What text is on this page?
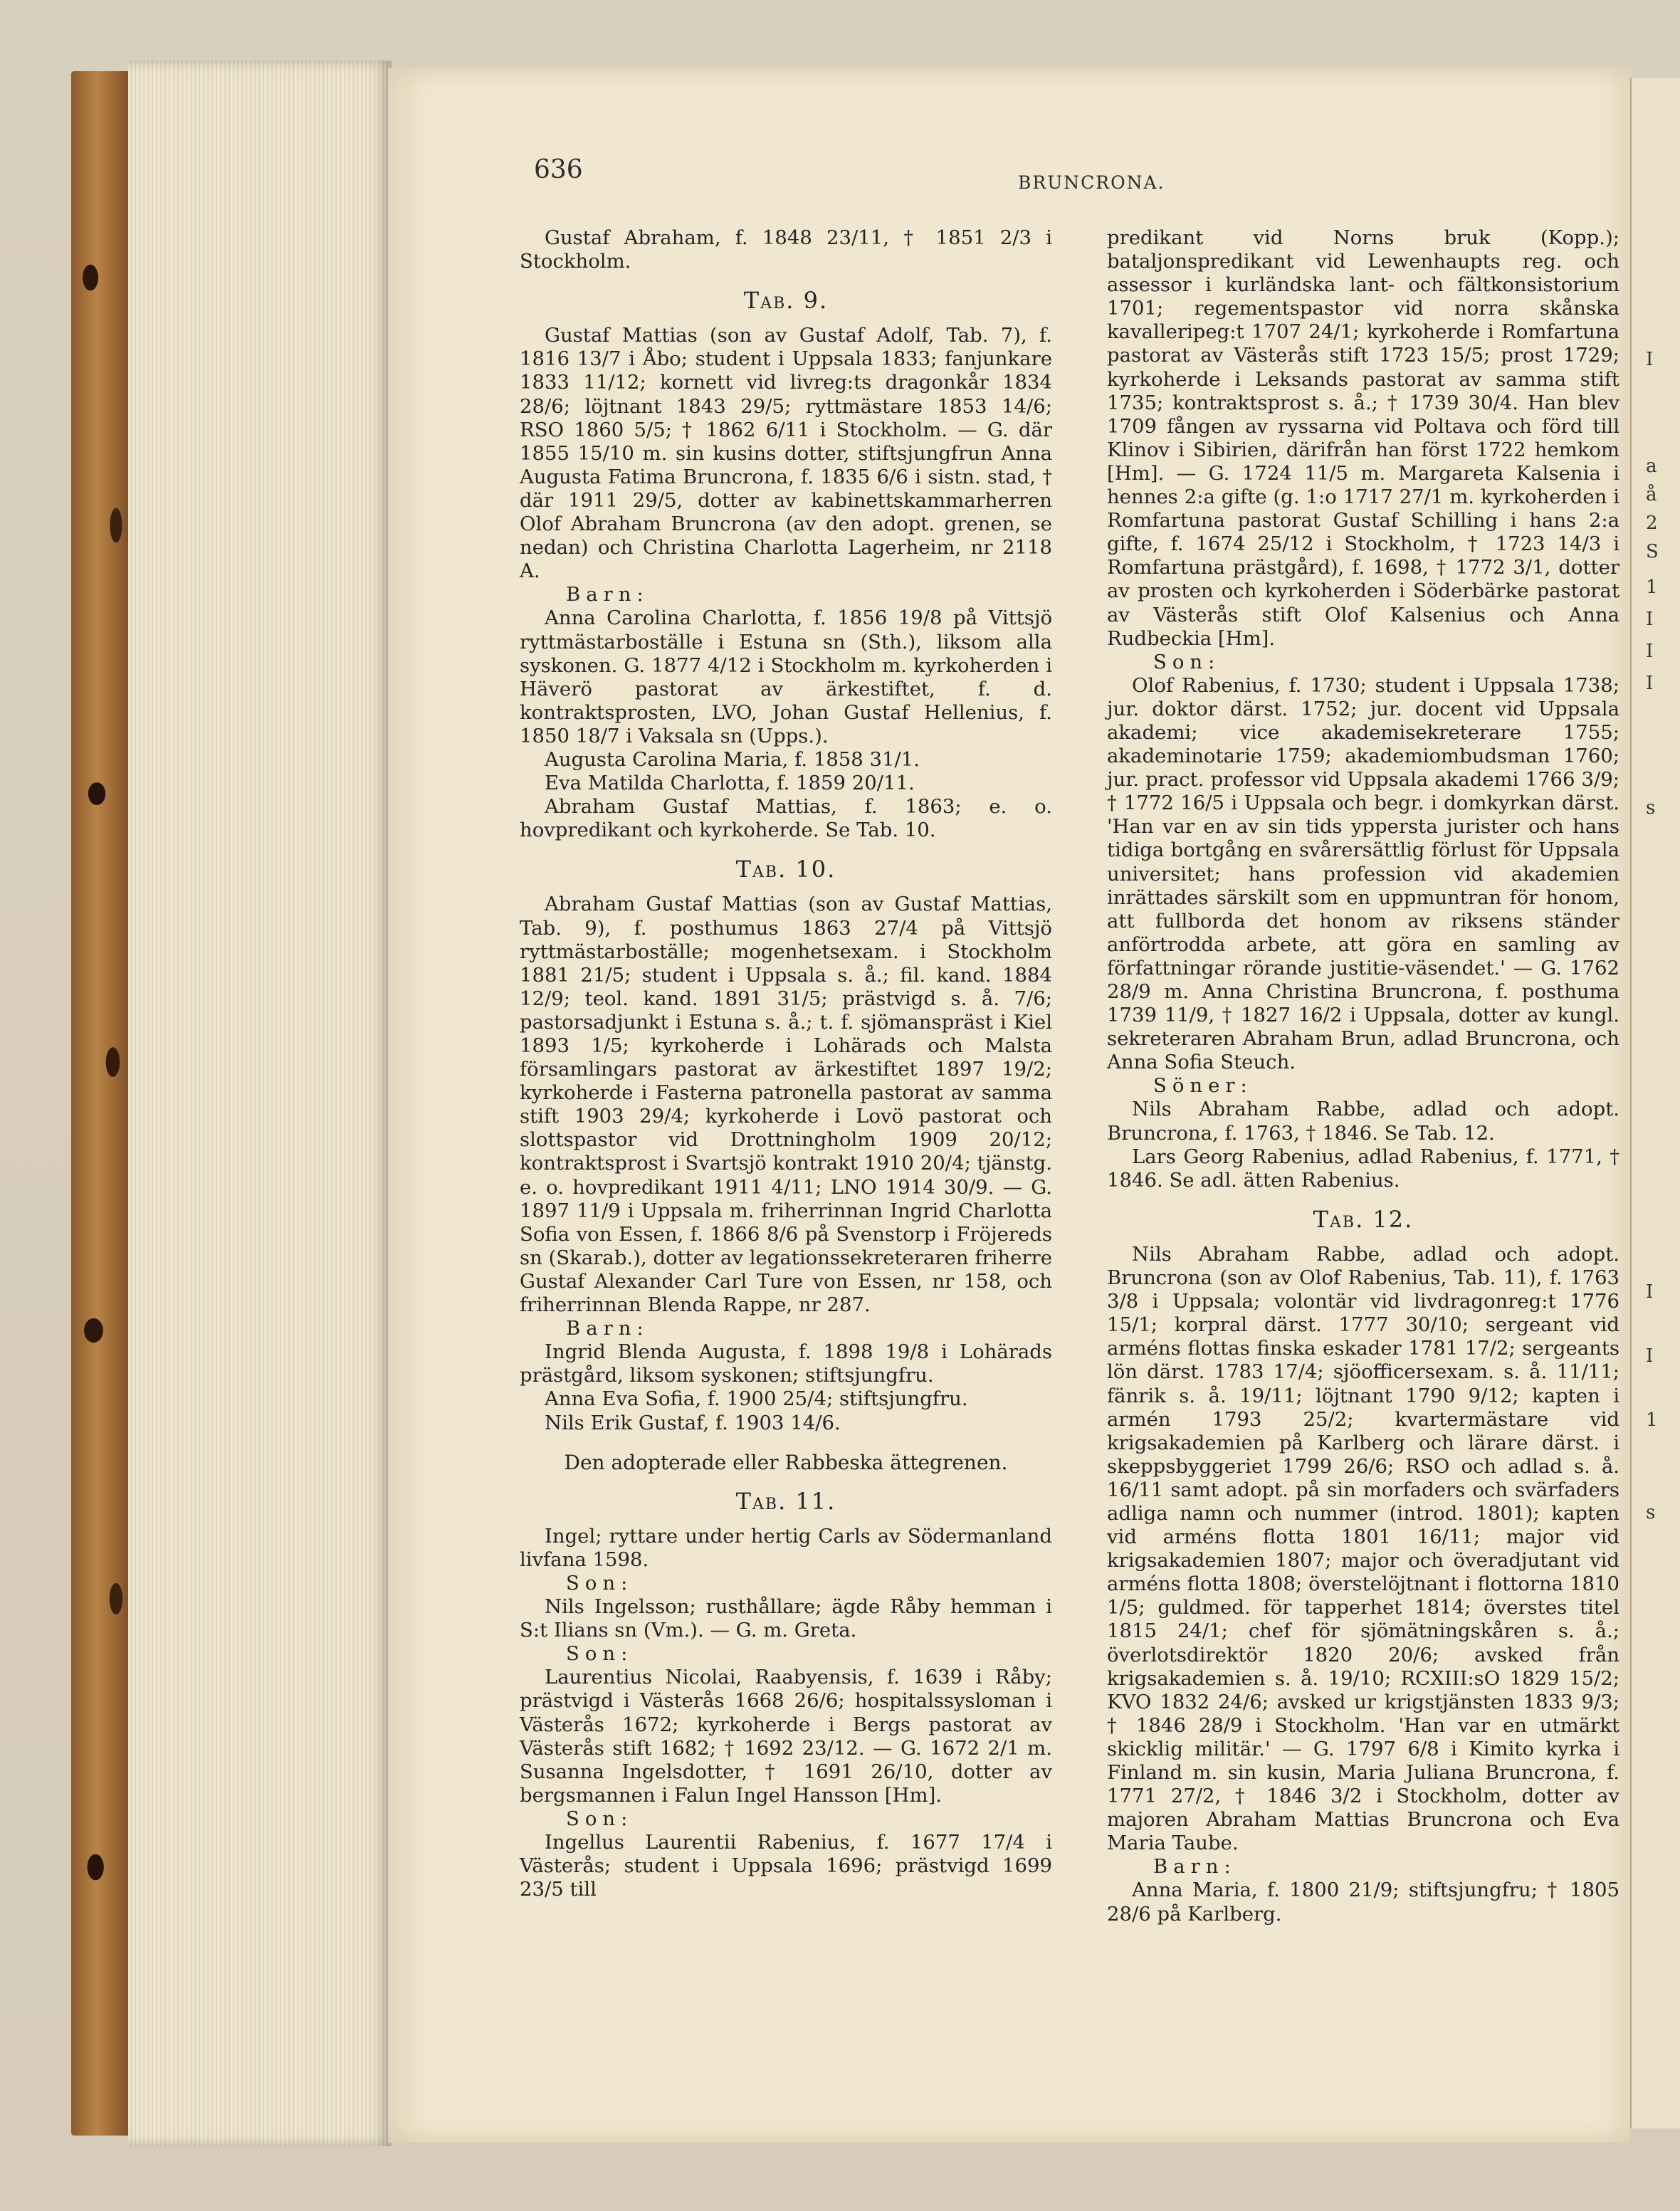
I
a
å
2
S
1
I
I
I
s
I
I
1
s
636	BRUNCRONA.

Gustaf Abraham, f. 1848 23/11, † 1851 2/3 i Stockholm.

Tab. 9.

Gustaf Mattias (son av Gustaf Adolf, Tab. 7), f. 1816 13/7 i Åbo; student i Uppsala 1833; fanjunkare 1833 11/12; kornett vid livreg:ts dragonkår 1834 28/6; löjtnant 1843 29/5; ryttmästare 1853 14/6; RSO 1860 5/5; † 1862 6/11 i Stockholm. — G. där 1855 15/10 m. sin kusins dotter, stiftsjungfrun Anna Augusta Fatima Bruncrona, f. 1835 6/6 i sistn. stad, † där 1911 29/5, dotter av kabinettskammarherren Olof Abraham Bruncrona (av den adopt. grenen, se nedan) och Christina Charlotta Lagerheim, nr 2118 A.

Barn:

Anna Carolina Charlotta, f. 1856 19/8 på Vittsjö ryttmästarboställe i Estuna sn (Sth.), liksom alla syskonen. G. 1877 4/12 i Stockholm m. kyrkoherden i Häverö pastorat av ärkestiftet, f. d. kontraktsprosten, LVO, Johan Gustaf Hellenius, f. 1850 18/7 i Vaksala sn (Upps.).

Augusta Carolina Maria, f. 1858 31/1.

Eva Matilda Charlotta, f. 1859 20/11.

Abraham Gustaf Mattias, f. 1863; e. o. hovpredikant och kyrkoherde. Se Tab. 10.

Tab. 10.

Abraham Gustaf Mattias (son av Gustaf Mattias, Tab. 9), f. posthumus 1863 27/4 på Vittsjö ryttmästarboställe; mogenhetsexam. i Stockholm 1881 21/5; student i Uppsala s. å.; fil. kand. 1884 12/9; teol. kand. 1891 31/5; prästvigd s. å. 7/6; pastorsadjunkt i Estuna s. å.; t. f. sjömanspräst i Kiel 1893 1/5; kyrkoherde i Lohärads och Malsta församlingars pastorat av ärkestiftet 1897 19/2; kyrkoherde i Fasterna patronella pastorat av samma stift 1903 29/4; kyrkoherde i Lovö pastorat och slottspastor vid Drottningholm 1909 20/12; kontraktsprost i Svartsjö kontrakt 1910 20/4; tjänstg. e. o. hovpredikant 1911 4/11; LNO 1914 30/9. — G. 1897 11/9 i Uppsala m. friherrinnan Ingrid Charlotta Sofia von Essen, f. 1866 8/6 på Svenstorp i Fröjereds sn (Skarab.), dotter av legationssekreteraren friherre Gustaf Alexander Carl Ture von Essen, nr 158, och friherrinnan Blenda Rappe, nr 287.

Barn:

Ingrid Blenda Augusta, f. 1898 19/8 i Lohärads prästgård, liksom syskonen; stiftsjungfru.

Anna Eva Sofia, f. 1900 25/4; stiftsjungfru.

Nils Erik Gustaf, f. 1903 14/6.

Den adopterade eller Rabbeska ättegrenen.

Tab. 11.

Ingel; ryttare under hertig Carls av Södermanland livfana 1598.

Son:

Nils Ingelsson; rusthållare; ägde Råby hemman i S:t Ilians sn (Vm.). — G. m. Greta.

Son:

Laurentius Nicolai, Raabyensis, f. 1639 i Råby; prästvigd i Västerås 1668 26/6; hospitalssysloman i Västerås 1672; kyrkoherde i Bergs pastorat av Västerås stift 1682; † 1692 23/12. — G. 1672 2/1 m. Susanna Ingelsdotter, † 1691 26/10, dotter av bergsmannen i Falun Ingel Hansson [Hm].

Son:

Ingellus Laurentii Rabenius, f. 1677 17/4 i Västerås; student i Uppsala 1696; prästvigd 1699 23/5 till

predikant vid Norns bruk (Kopp.); bataljonspredikant vid Lewenhaupts reg. och assessor i kurländska lant- och fältkonsistorium 1701; regementspastor vid norra skånska kavalleriреg:t 1707 24/1; kyrkoherde i Romfartuna pastorat av Västerås stift 1723 15/5; prost 1729; kyrkoherde i Leksands pastorat av samma stift 1735; kontraktsprost s. å.; † 1739 30/4. Han blev 1709 fången av ryssarna vid Poltava och förd till Klinov i Sibirien, därifrån han först 1722 hemkom [Hm]. — G. 1724 11/5 m. Margareta Kalsenia i hennes 2:a gifte (g. 1:o 1717 27/1 m. kyrkoherden i Romfartuna pastorat Gustaf Schilling i hans 2:a gifte, f. 1674 25/12 i Stockholm, † 1723 14/3 i Romfartuna prästgård), f. 1698, † 1772 3/1, dotter av prosten och kyrkoherden i Söderbärke pastorat av Västerås stift Olof Kalsenius och Anna Rudbeckia [Hm].

Son:

Olof Rabenius, f. 1730; student i Uppsala 1738; jur. doktor därst. 1752; jur. docent vid Uppsala akademi; vice akademisekreterare 1755; akademinotarie 1759; akademiombudsman 1760; jur. pract. professor vid Uppsala akademi 1766 3/9; † 1772 16/5 i Uppsala och begr. i domkyrkan därst. 'Han var en av sin tids ypperstа jurister och hans tidiga bortgång en svårersättlig förlust för Uppsala universitet; hans profession vid akademien inrättades särskilt som en uppmuntran för honom, att fullborda det honom av riksens ständer anförtrodda arbete, att göra en samling av författningar rörande justitie-väsendet.' — G. 1762 28/9 m. Anna Christina Bruncrona, f. posthuma 1739 11/9, † 1827 16/2 i Uppsala, dotter av kungl. sekreteraren Abraham Brun, adlad Bruncrona, och Anna Sofia Steuch.

Söner:

Nils Abraham Rabbe, adlad och adopt. Bruncrona, f. 1763, † 1846. Se Tab. 12.

Lars Georg Rabenius, adlad Rabenius, f. 1771, † 1846. Se adl. ätten Rabenius.

Tab. 12.

Nils Abraham Rabbe, adlad och adopt. Bruncrona (son av Olof Rabenius, Tab. 11), f. 1763 3/8 i Uppsala; volontär vid livdragonreg:t 1776 15/1; korpral därst. 1777 30/10; sergeant vid arméns flottas finska eskader 1781 17/2; sergeants lön därst. 1783 17/4; sjöofficersexam. s. å. 11/11; fänrik s. å. 19/11; löjtnant 1790 9/12; kapten i armén 1793 25/2; kvartermästare vid krigsakademien på Karlberg och lärare därst. i skeppsbyggeriet 1799 26/6; RSO och adlad s. å. 16/11 samt adopt. på sin morfaders och svärfaders adliga namn och nummer (introd. 1801); kapten vid arméns flotta 1801 16/11; major vid krigsakademien 1807; major och överadjutant vid arméns flotta 1808; överstelöjtnant i flottorna 1810 1/5; guldmed. för tapperhet 1814; överstes titel 1815 24/1; chef för sjömätningskåren s. å.; överlotsdirektör 1820 20/6; avsked från krigsakademien s. å. 19/10; RCXIII:sO 1829 15/2; KVO 1832 24/6; avsked ur krigstjänsten 1833 9/3; † 1846 28/9 i Stockholm. 'Han var en utmärkt skicklig militär.' — G. 1797 6/8 i Kimito kyrka i Finland m. sin kusin, Maria Juliana Bruncrona, f. 1771 27/2, † 1846 3/2 i Stockholm, dotter av majoren Abraham Mattias Bruncrona och Eva Maria Taube.

Barn:

Anna Maria, f. 1800 21/9; stiftsjungfru; † 1805 28/6 på Karlberg.
